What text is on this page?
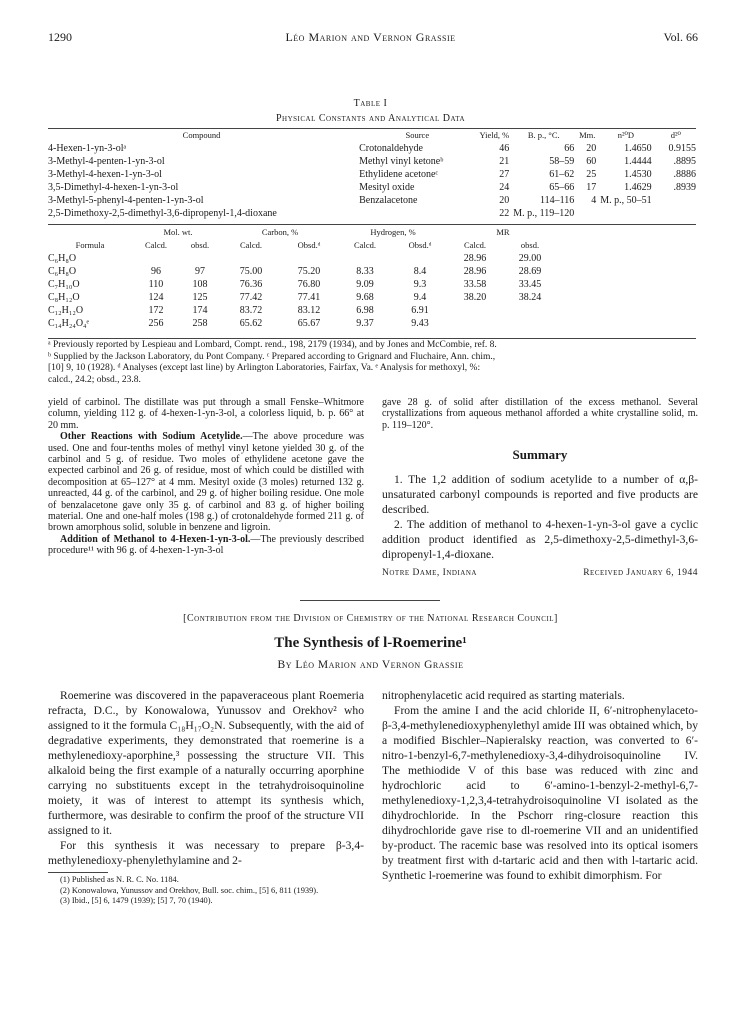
1290	Léo Marion and Vernon Grassie	Vol. 66
Table I
Physical Constants and Analytical Data
Compound	Source	Yield, %	B. p., °C.	Mm.	n²⁰D	d²⁰
4-Hexen-1-yn-3-olᵃ	Crotonaldehyde	46	66	20	1.4650	0.9155
3-Methyl-4-penten-1-yn-3-ol	Methyl vinyl ketoneᵇ	21	58–59	60	1.4444	.8895
3-Methyl-4-hexen-1-yn-3-ol	Ethylidene acetoneᶜ	27	61–62	25	1.4530	.8886
3,5-Dimethyl-4-hexen-1-yn-3-ol	Mesityl oxide	24	65–66	17	1.4629	.8939
3-Methyl-5-phenyl-4-penten-1-yn-3-ol	Benzalacetone	20	114–116	4	M. p., 50–51	
2,5-Dimethoxy-2,5-dimethyl-3,6-dipropenyl-1,4-dioxane		22	M. p., 119–120			
	Mol. wt.		Carbon, %		Hydrogen, %		MR		
Formula	Calcd.	obsd.	Calcd.	Obsd.ᵈ	Calcd.	Obsd.ᵈ	Calcd.	obsd.	
C₆H₈O							28.96	29.00	
C₆H₈O	96	97	75.00	75.20	8.33	8.4	28.96	28.69	
C₇H₁₀O	110	108	76.36	76.80	9.09	9.3	33.58	33.45	
C₈H₁₂O	124	125	77.42	77.41	9.68	9.4	38.20	38.24	
C₁₂H₁₂O	172	174	83.72	83.12	6.98	6.91			
C₁₄H₂₄O₄ᵉ	256	258	65.62	65.67	9.37	9.43			
ᵃ Previously reported by Lespieau and Lombard, Compt. rend., 198, 2179 (1934), and by Jones and McCombie, ref. 8.
ᵇ Supplied by the Jackson Laboratory, du Pont Company. ᶜ Prepared according to Grignard and Fluchaire, Ann. chim.,
[10] 9, 10 (1928). ᵈ Analyses (except last line) by Arlington Laboratories, Fairfax, Va. ᵉ Analysis for methoxyl, %:
calcd., 24.2; obsd., 23.8.

yield of carbinol. The distillate was put through a small Fenske–Whitmore column, yielding 112 g. of 4-hexen-1-yn-3-ol, a colorless liquid, b. p. 66° at 20 mm.

Other Reactions with Sodium Acetylide.—The above procedure was used. One and four-tenths moles of methyl vinyl ketone yielded 30 g. of the carbinol and 5 g. of residue. Two moles of ethylidene acetone gave the expected carbinol and 26 g. of residue, most of which could be distilled with decomposition at 65–127° at 4 mm. Mesityl oxide (3 moles) returned 132 g. unreacted, 44 g. of the carbinol, and 29 g. of higher boiling residue. One mole of benzalacetone gave only 35 g. of carbinol and 83 g. of higher boiling material. One and one-half moles (198 g.) of crotonaldehyde formed 211 g. of brown amorphous solid, soluble in benzene and ligroin.

Addition of Methanol to 4-Hexen-1-yn-3-ol.—The previously described procedure¹¹ with 96 g. of 4-hexen-1-yn-3-ol

gave 28 g. of solid after distillation of the excess methanol. Several crystallizations from aqueous methanol afforded a white crystalline solid, m. p. 119–120°.
Summary
1. The 1,2 addition of sodium acetylide to a number of α,β-unsaturated carbonyl compounds is reported and five products are described.
2. The addition of methanol to 4-hexen-1-yn-3-ol gave a cyclic addition product identified as 2,5-dimethoxy-2,5-dimethyl-3,6-dipropenyl-1,4-dioxane.
Notre Dame, Indiana	Received January 6, 1944
[Contribution from the Division of Chemistry of the National Research Council]
The Synthesis of l-Roemerine¹
By Léo Marion and Vernon Grassie

Roemerine was discovered in the papaveraceous plant Roemeria refracta, D.C., by Konowalowa, Yunussov and Orekhov² who assigned to it the formula C₁₈H₁₇O₂N. Subsequently, with the aid of degradative experiments, they demonstrated that roemerine is a methylenedioxy-aporphine,³ possessing the structure VII. This alkaloid being the first example of a naturally occurring aporphine carrying no substituents except in the tetrahydroisoquinoline moiety, it was of interest to attempt its synthesis which, furthermore, was desirable to confirm the proof of the structure VII assigned to it.

For this synthesis it was necessary to prepare β-3,4-methylenedioxy-phenylethylamine and 2-

(1) Published as N. R. C. No. 1184.
(2) Konowalowa, Yunussov and Orekhov, Bull. soc. chim., [5] 6, 811 (1939).
(3) Ibid., [5] 6, 1479 (1939); [5] 7, 70 (1940).

nitrophenylacetic acid required as starting materials.

From the amine I and the acid chloride II, 6′-nitrophenylaceto-β-3,4-methylenedioxyphenylethyl amide III was obtained which, by a modified Bischler–Napieralsky reaction, was converted to 6′-nitro-1-benzyl-6,7-methylenedioxy-3,4-dihydroisoquinoline IV. The methiodide V of this base was reduced with zinc and hydrochloric acid to 6′-amino-1-benzyl-2-methyl-6,7-methylenedioxy-1,2,3,4-tetrahydroisoquinoline VI isolated as the dihydrochloride. In the Pschorr ring-closure reaction this dihydrochloride gave rise to dl-roemerine VII and an unidentified by-product. The racemic base was resolved into its optical isomers by treatment first with d-tartaric acid and then with l-tartaric acid. Synthetic l-roemerine was found to exhibit dimorphism. For
